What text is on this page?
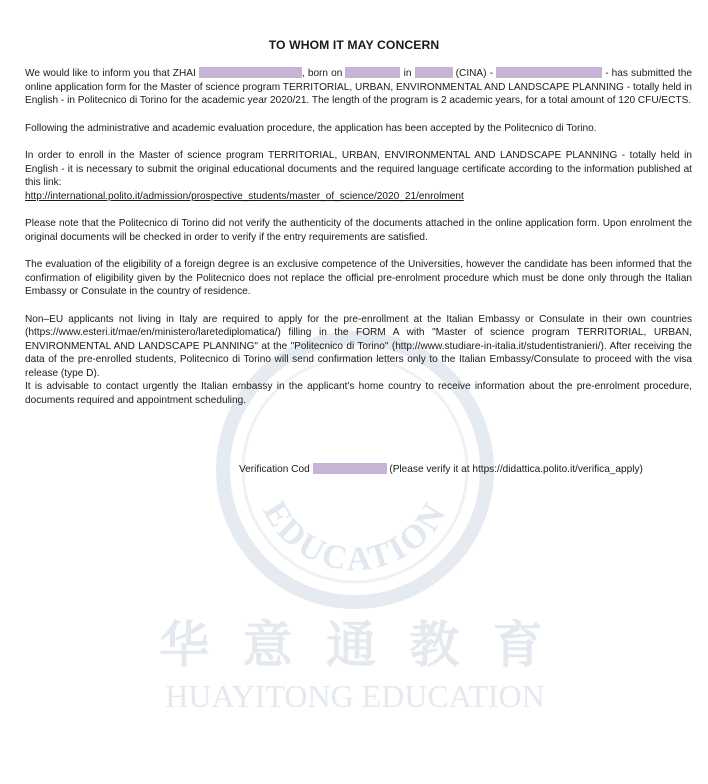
EDUCATION
华 意 通 教 育
HUAYITONG EDUCATION
TO WHOM IT MAY CONCERN

We would like to inform you that ZHAI	, born on	in	(CINA) -	- has submitted the online application form for the Master of science program TERRITORIAL, URBAN, ENVIRONMENTAL AND LANDSCAPE PLANNING - totally held in English - in Politecnico di Torino for the academic year 2020/21. The length of the program is 2 academic years, for a total amount of 120 CFU/ECTS.

Following the administrative and academic evaluation procedure, the application has been accepted by the Politecnico di Torino.

In order to enroll in the Master of science program TERRITORIAL, URBAN, ENVIRONMENTAL AND LANDSCAPE PLANNING - totally held in English - it is necessary to submit the original educational documents and the required language certificate according to the information published at this link:
http://international.polito.it/admission/prospective_students/master_of_science/2020_21/enrolment

Please note that the Politecnico di Torino did not verify the authenticity of the documents attached in the online application form. Upon enrolment the original documents will be checked in order to verify if the entry requirements are satisfied.

The evaluation of the eligibility of a foreign degree is an exclusive competence of the Universities, however the candidate has been informed that the confirmation of eligibility given by the Politecnico does not replace the official pre-enrolment procedure which must be done only through the Italian Embassy or Consulate in the country of residence.

Non–EU applicants not living in Italy are required to apply for the pre-enrollment at the Italian Embassy or Consulate in their own countries (https://www.esteri.it/mae/en/ministero/laretediplomatica/) filling in the FORM A with "Master of science program TERRITORIAL, URBAN, ENVIRONMENTAL AND LANDSCAPE PLANNING" at the "Politecnico di Torino" (http://www.studiare-in-italia.it/studentistranieri/). After receiving the data of the pre-enrolled students, Politecnico di Torino will send confirmation letters only to the Italian Embassy/Consulate to proceed with the visa release (type D).

It is advisable to contact urgently the Italian embassy in the applicant's home country to receive information about the pre-enrolment procedure, documents required and appointment scheduling.

Verification Cod	(Please verify it at https://didattica.polito.it/verifica_apply)
